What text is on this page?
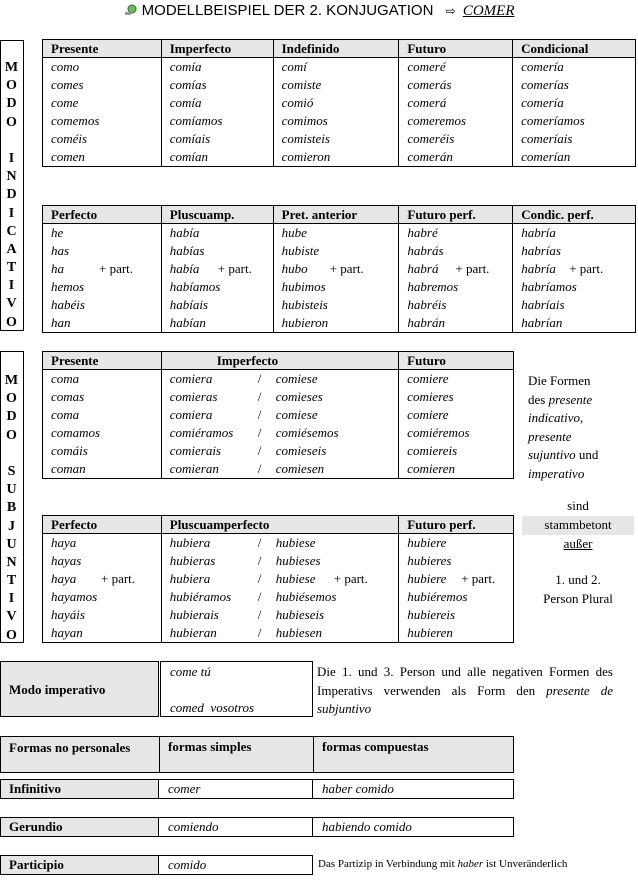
MODELLBEISPIEL DER 2. KONJUGATION ⇨ COMER
M
O
D
O
I
N
D
I
C
A
T
I
V
O
Presente	Imperfecto	Indefinido	Futuro	Condicional
como	comía	comí	comeré	comería
comes	comías	comiste	comerás	comerías
come	comía	comió	comerá	comería
comemos	comíamos	comimos	comeremos	comeríamos
coméis	comíais	comisteis	comeréis	comeríais
comen	comían	comieron	comerán	comerían
Perfecto	Pluscuamp.	Pret. anterior	Futuro perf.	Condic. perf.
he	había	hube	habré	habría
has	habías	hubiste	habrás	habrías
ha + part.	había + part.	hubo + part.	habrá + part.	habría + part.
hemos	habíamos	hubimos	habremos	habríamos
habéis	habíais	hubisteis	habréis	habríais
han	habían	hubieron	habrán	habrían
M
O
D
O
S
U
B
J
U
N
T
I
V
O
Presente	Imperfecto	Futuro
coma	comiera / comiese	comiere
comas	comieras / comieses	comieres
coma	comiera / comiese	comiere
comamos	comiéramos / comiésemos	comiéremos
comáis	comierais / comieseis	comiereis
coman	comieran / comiesen	comieren
Perfecto	Pluscuamperfecto	Futuro perf.
haya	hubiera / hubiese	hubiere
hayas	hubieras / hubieses	hubieres
haya + part.	hubiera / hubiese + part.	hubiere + part.
hayamos	hubiéramos / hubiésemos	hubiéremos
hayáis	hubierais / hubieseis	hubiereis
hayan	hubieran / hubiesen	hubieren
Die Formen
des presente
indicativo,
presente
sujuntivo und
imperativo
sind
stammbetont
außer
1. und 2.
Person Plural
Modo imperativo
come tú
comed  vosotros
Die 1. und 3. Person und alle negativen Formen des Imperativs verwenden als Form den presente de subjuntivo
Formas no personales	formas simples	formas compuestas
Infinitivo	comer	haber comido
Gerundio	comiendo	habiendo comido
Participio	comido	Das Partizip in Verbindung mit haber ist Unveränderlich
